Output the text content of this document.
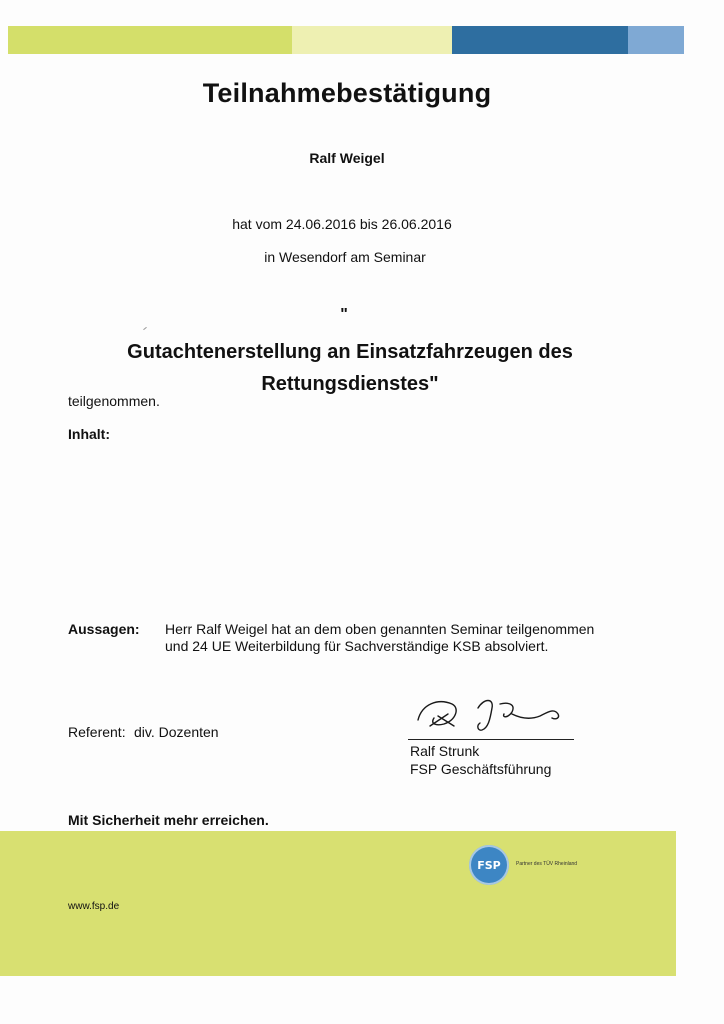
Teilnahmebestätigung
Ralf Weigel
hat vom 24.06.2016 bis 26.06.2016
in Wesendorf am Seminar
"
Gutachtenerstellung an Einsatzfahrzeugen des
Rettungsdienstes"
teilgenommen.
Inhalt:
Aussagen: Herr Ralf Weigel hat an dem oben genannten Seminar teilgenommen
und 24 UE Weiterbildung für Sachverständige KSB absolviert.
Referent: div. Dozenten
Ralf Strunk
FSP Geschäftsführung
Mit Sicherheit mehr erreichen.
FSP	Partner des TÜV Rheinland
www.fsp.de
